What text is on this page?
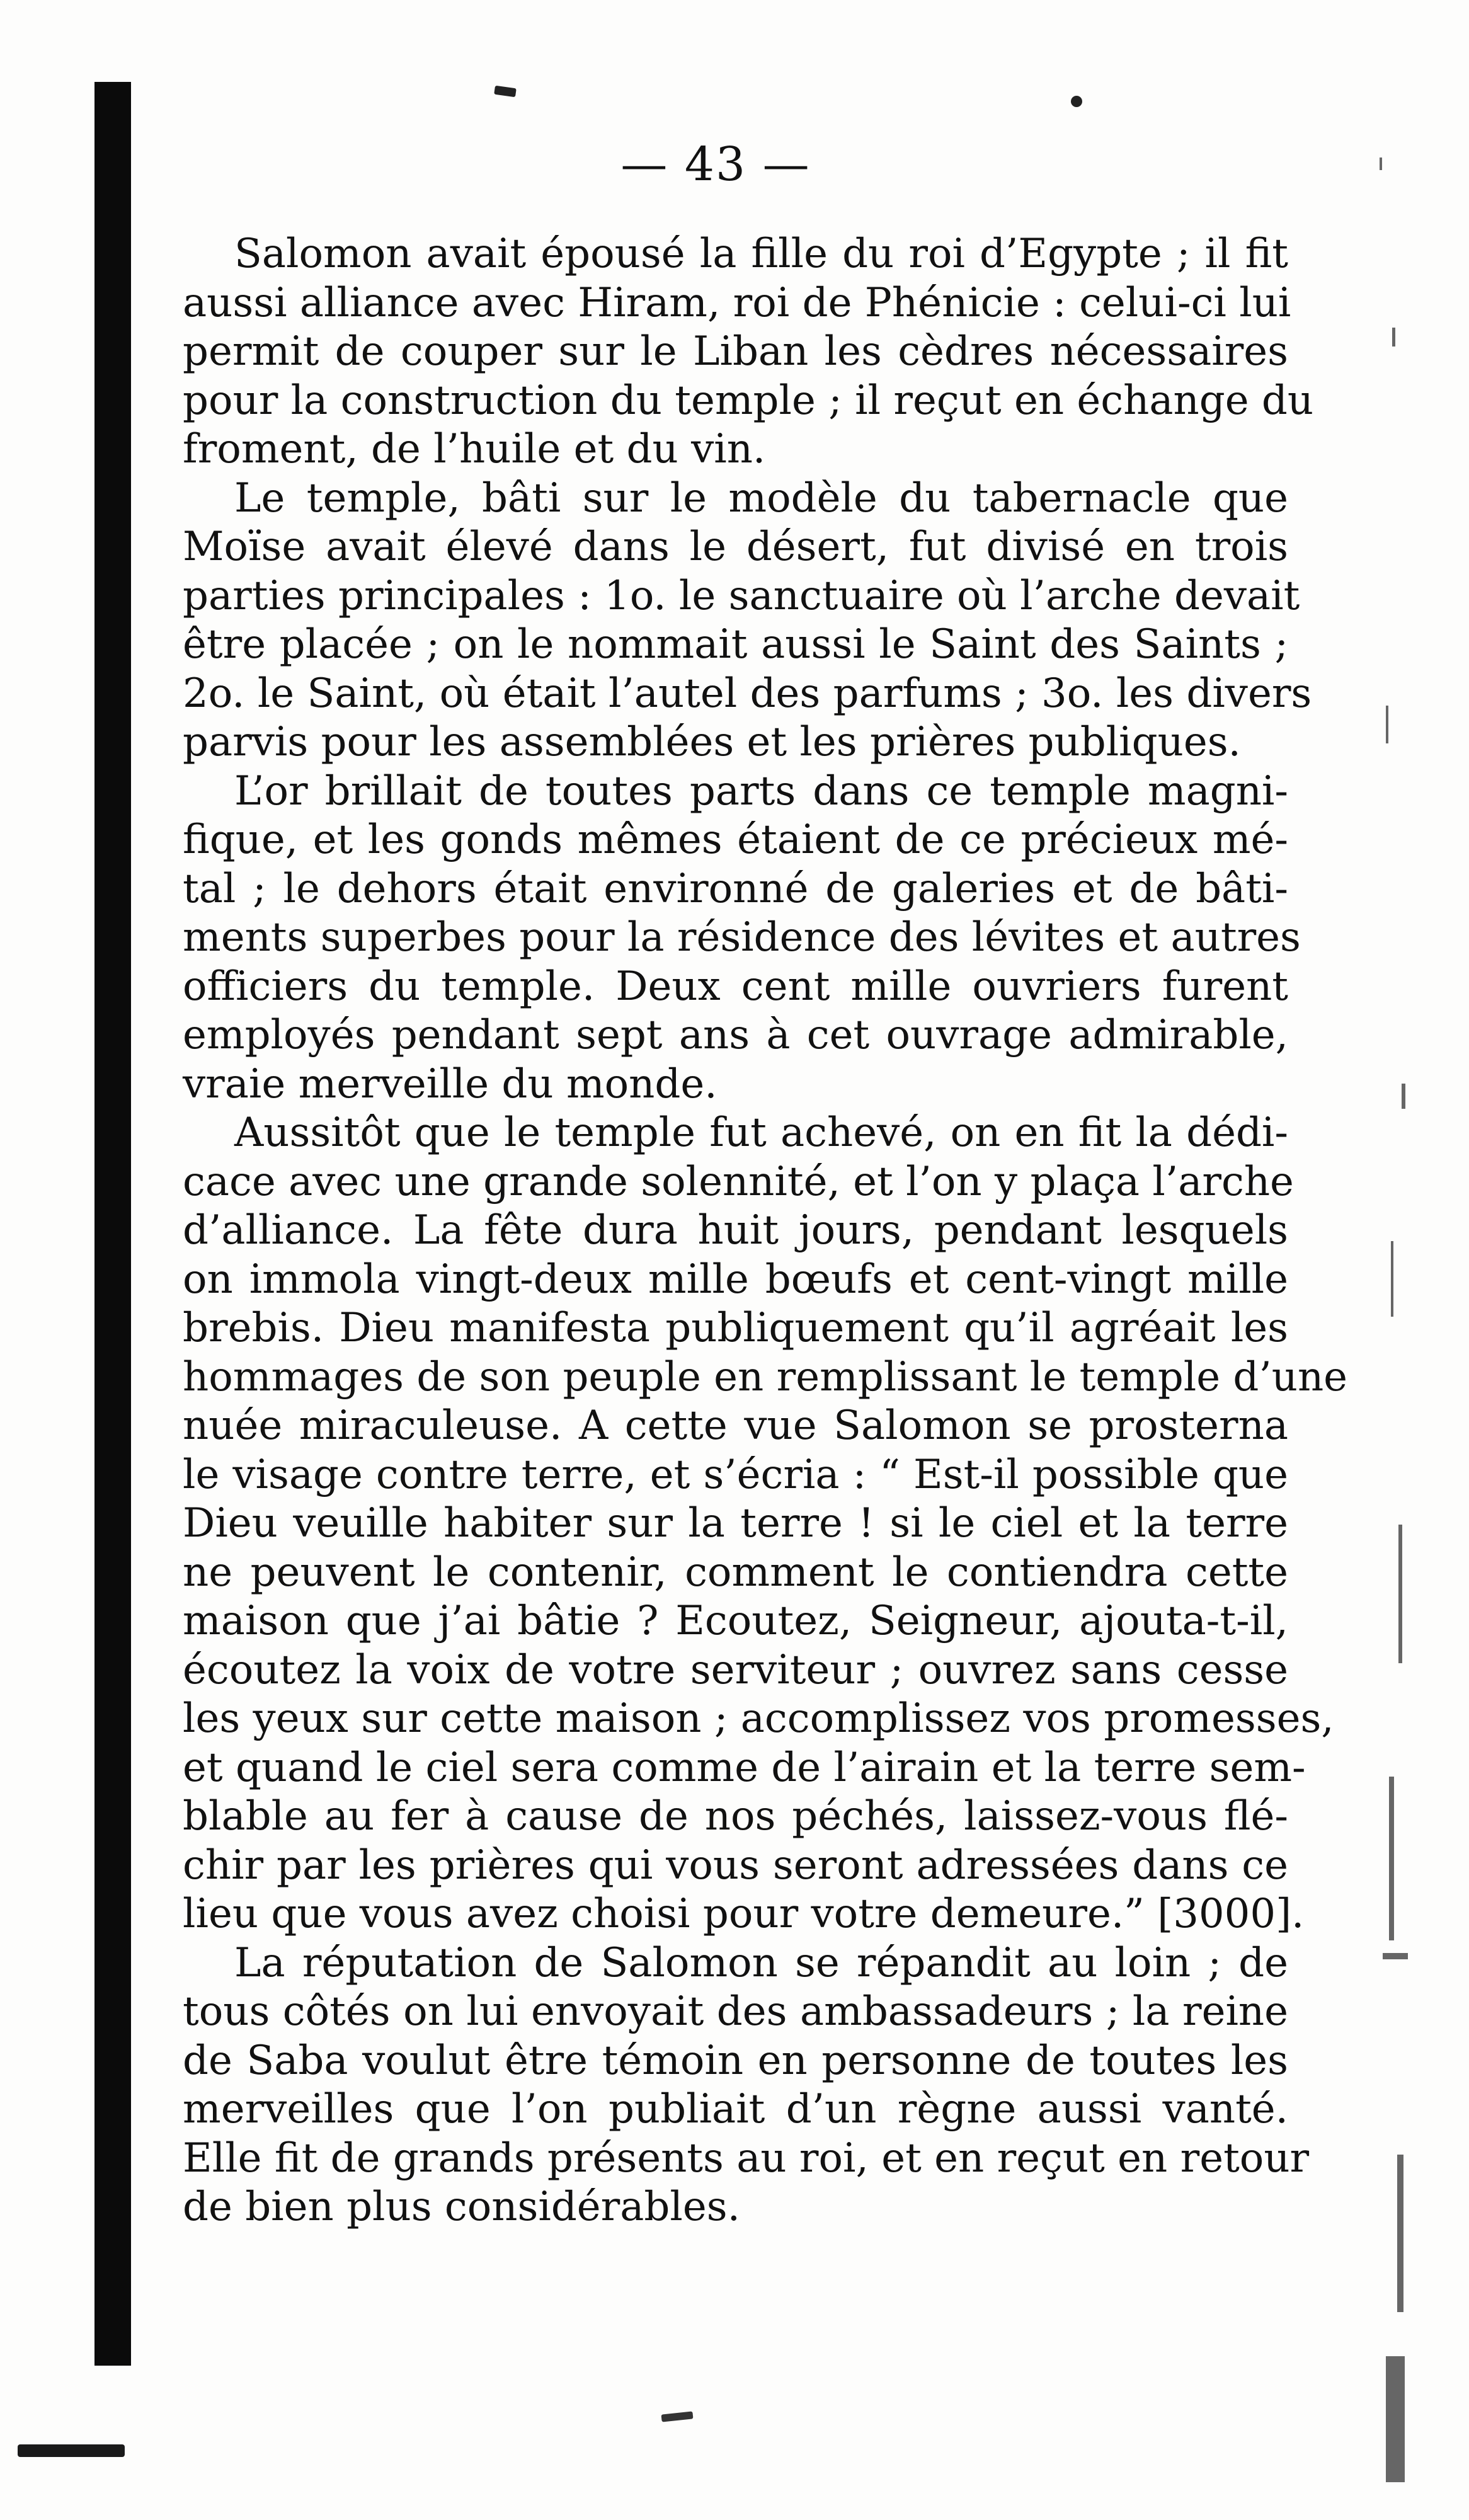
— 43 —
Salomon avait épousé la fille du roi d’Egypte ; il fit
aussi alliance avec Hiram, roi de Phénicie : celui-ci lui
permit de couper sur le Liban les cèdres nécessaires
pour la construction du temple ; il reçut en échange du
froment, de l’huile et du vin.
Le temple, bâti sur le modèle du tabernacle que
Moïse avait élevé dans le désert, fut divisé en trois
parties principales : 1o. le sanctuaire où l’arche devait
être placée ; on le nommait aussi le Saint des Saints ;
2o. le Saint, où était l’autel des parfums ; 3o. les divers
parvis pour les assemblées et les prières publiques.
L’or brillait de toutes parts dans ce temple magni-
fique, et les gonds mêmes étaient de ce précieux mé-
tal ; le dehors était environné de galeries et de bâti-
ments superbes pour la résidence des lévites et autres
officiers du temple. Deux cent mille ouvriers furent
employés pendant sept ans à cet ouvrage admirable,
vraie merveille du monde.
Aussitôt que le temple fut achevé, on en fit la dédi-
cace avec une grande solennité, et l’on y plaça l’arche
d’alliance. La fête dura huit jours, pendant lesquels
on immola vingt-deux mille bœufs et cent-vingt mille
brebis. Dieu manifesta publiquement qu’il agréait les
hommages de son peuple en remplissant le temple d’une
nuée miraculeuse. A cette vue Salomon se prosterna
le visage contre terre, et s’écria : “ Est-il possible que
Dieu veuille habiter sur la terre ! si le ciel et la terre
ne peuvent le contenir, comment le contiendra cette
maison que j’ai bâtie ? Ecoutez, Seigneur, ajouta-t-il,
écoutez la voix de votre serviteur ; ouvrez sans cesse
les yeux sur cette maison ; accomplissez vos promesses,
et quand le ciel sera comme de l’airain et la terre sem-
blable au fer à cause de nos péchés, laissez-vous flé-
chir par les prières qui vous seront adressées dans ce
lieu que vous avez choisi pour votre demeure.” [3000].
La réputation de Salomon se répandit au loin ; de
tous côtés on lui envoyait des ambassadeurs ; la reine
de Saba voulut être témoin en personne de toutes les
merveilles que l’on publiait d’un règne aussi vanté.
Elle fit de grands présents au roi, et en reçut en retour
de bien plus considérables.
